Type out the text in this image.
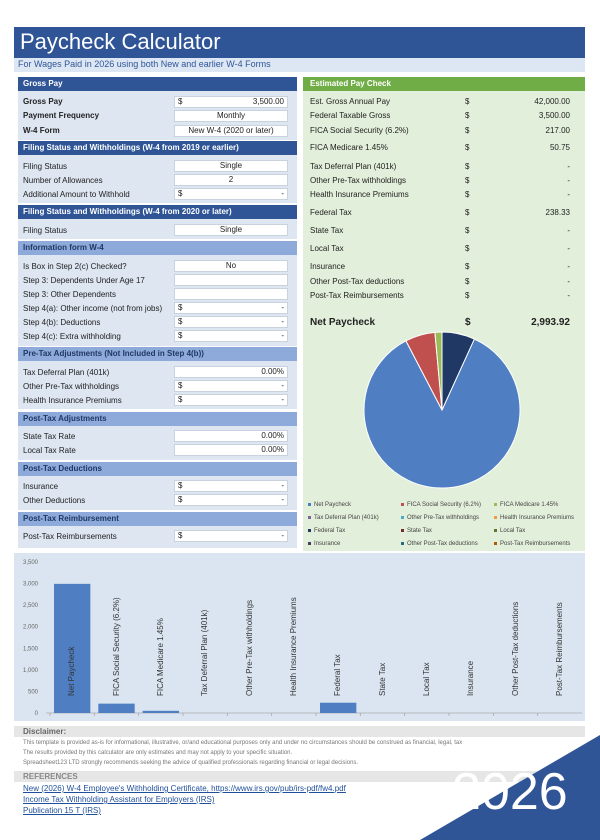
Paycheck Calculator
For Wages Paid in 2026 using both New and earlier W-4 Forms
Gross Pay
Gross Pay	$	3,500.00
Payment Frequency	Monthly
W-4 Form	New W-4 (2020 or later)
Filing Status and Withholdings (W-4 from 2019 or earlier)
Filing Status	Single
Number of Allowances	2
Additional Amount to Withhold	$	-
Filing Status and Withholdings (W-4 from 2020 or later)
Filing Status	Single
Information form W-4
Is Box in Step 2(c) Checked?	No
Step 3: Dependents Under Age 17
Step 3: Other Dependents
Step 4(a): Other income (not from jobs) $	-
Step 4(b): Deductions	$	-
Step 4(c): Extra withholding	$	-
Pre-Tax Adjustments (Not Included in Step 4(b))
Tax Deferral Plan (401k)	0.00%
Other Pre-Tax withholdings	$	-
Health Insurance Premiums	$	-
Post-Tax Adjustments
State Tax Rate	0.00%
Local Tax Rate	0.00%
Post-Tax Deductions
Insurance	$	-
Other Deductions	$	-
Post-Tax Reimbursement
Post-Tax Reimbursements	$	-
Estimated Pay Check
Est. Gross Annual Pay	$	42,000.00
Federal Taxable Gross	$	3,500.00
FICA Social Security (6.2%)	$	217.00
FICA Medicare 1.45%	$	50.75
Tax Deferral Plan (401k)	$	-
Other Pre-Tax withholdings	$	-
Health Insurance Premiums	$	-
Federal Tax	$	238.33
State Tax	$	-
Local Tax	$	-
Insurance	$	-
Other Post-Tax deductions	$	-
Post-Tax Reimbursements	$	-
Net Paycheck	$	2,993.92
Net Paycheck	FICA Social Security (6.2%)	FICA Medicare 1.45%
Tax Deferral Plan (401k)	Other Pre-Tax withholdings	Health Insurance Premiums
Federal Tax	State Tax	Local Tax
Insurance	Other Post-Tax deductions	Post-Tax Reimbursements
0
500
1,000
1,500
2,000
2,500
3,000
3,500
Net Paycheck	FICA Social Security (6.2%)	FICA Medicare 1.45%	Tax Deferral Plan (401k)	Other Pre-Tax withholdings	Health Insurance Premiums	Federal Tax	State Tax	Local Tax	Insurance	Other Post-Tax deductions	Post-Tax Reimbursements
Disclaimer:
This template is provided as-is for informational, illustrative, or/and educational purposes only and under no circumstances should be construed as financial, legal, tax
The results provided by this calculator are only estimates and may not apply to your specific situation.
Spreadsheet123 LTD strongly recommends seeking the advice of qualified professionals regarding financial or legal decisions.
REFERENCES
New (2026) W-4 Employee's Withholding Certificate, https://www.irs.gov/pub/irs-pdf/fw4.pdf
Income Tax Withholding Assistant for Employers (IRS)
Publication 15 T (IRS)	2026
